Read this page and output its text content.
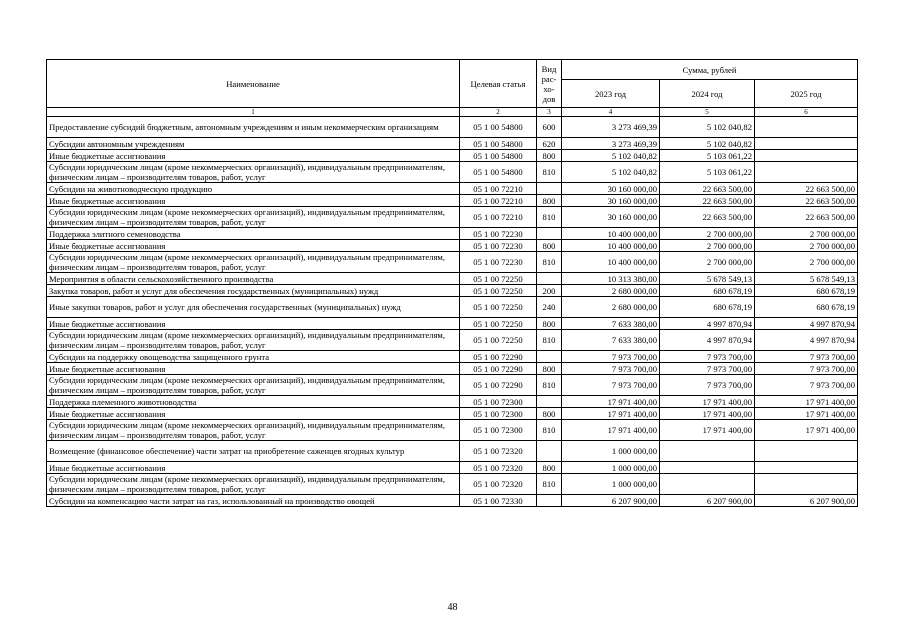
Наименование	Целевая статья	Вид рас-хо-дов	Сумма, рублей		
			2023 год	2024 год	2025 год
1	2	3	4	5	6
Предоставление субсидий бюджетным, автономным учреждениям и иным некоммерческим организациям	05 1 00 54800	600	3 273 469,39	5 102 040,82	
Субсидии автономным учреждениям	05 1 00 54800	620	3 273 469,39	5 102 040,82	
Иные бюджетные ассигнования	05 1 00 54800	800	5 102 040,82	5 103 061,22	
Субсидии юридическим лицам (кроме некоммерческих организаций), индивидуальным предпринимателям, физическим лицам – производителям товаров, работ, услуг	05 1 00 54800	810	5 102 040,82	5 103 061,22	
Субсидии на животноводческую продукцию	05 1 00 72210		30 160 000,00	22 663 500,00	22 663 500,00
Иные бюджетные ассигнования	05 1 00 72210	800	30 160 000,00	22 663 500,00	22 663 500,00
Субсидии юридическим лицам (кроме некоммерческих организаций), индивидуальным предпринимателям, физическим лицам – производителям товаров, работ, услуг	05 1 00 72210	810	30 160 000,00	22 663 500,00	22 663 500,00
Поддержка элитного семеноводства	05 1 00 72230		10 400 000,00	2 700 000,00	2 700 000,00
Иные бюджетные ассигнования	05 1 00 72230	800	10 400 000,00	2 700 000,00	2 700 000,00
Субсидии юридическим лицам (кроме некоммерческих организаций), индивидуальным предпринимателям, физическим лицам – производителям товаров, работ, услуг	05 1 00 72230	810	10 400 000,00	2 700 000,00	2 700 000,00
Мероприятия в области сельскохозяйственного производства	05 1 00 72250		10 313 380,00	5 678 549,13	5 678 549,13
Закупка товаров, работ и услуг для обеспечения государственных (муниципальных) нужд	05 1 00 72250	200	2 680 000,00	680 678,19	680 678,19
Иные закупки товаров, работ и услуг для обеспечения государственных (муниципальных) нужд	05 1 00 72250	240	2 680 000,00	680 678,19	680 678,19
Иные бюджетные ассигнования	05 1 00 72250	800	7 633 380,00	4 997 870,94	4 997 870,94
Субсидии юридическим лицам (кроме некоммерческих организаций), индивидуальным предпринимателям, физическим лицам – производителям товаров, работ, услуг	05 1 00 72250	810	7 633 380,00	4 997 870,94	4 997 870,94
Субсидии на поддержку овощеводства защищенного грунта	05 1 00 72290		7 973 700,00	7 973 700,00	7 973 700,00
Иные бюджетные ассигнования	05 1 00 72290	800	7 973 700,00	7 973 700,00	7 973 700,00
Субсидии юридическим лицам (кроме некоммерческих организаций), индивидуальным предпринимателям, физическим лицам – производителям товаров, работ, услуг	05 1 00 72290	810	7 973 700,00	7 973 700,00	7 973 700,00
Поддержка племенного животноводства	05 1 00 72300		17 971 400,00	17 971 400,00	17 971 400,00
Иные бюджетные ассигнования	05 1 00 72300	800	17 971 400,00	17 971 400,00	17 971 400,00
Субсидии юридическим лицам (кроме некоммерческих организаций), индивидуальным предпринимателям, физическим лицам – производителям товаров, работ, услуг	05 1 00 72300	810	17 971 400,00	17 971 400,00	17 971 400,00
Возмещение (финансовое обеспечение) части затрат на приобретение саженцев ягодных культур	05 1 00 72320		1 000 000,00		
Иные бюджетные ассигнования	05 1 00 72320	800	1 000 000,00		
Субсидии юридическим лицам (кроме некоммерческих организаций), индивидуальным предпринимателям, физическим лицам – производителям товаров, работ, услуг	05 1 00 72320	810	1 000 000,00		
Субсидии на компенсацию части затрат на газ, использованный на производство овощей	05 1 00 72330		6 207 900,00	6 207 900,00	6 207 900,00
48
